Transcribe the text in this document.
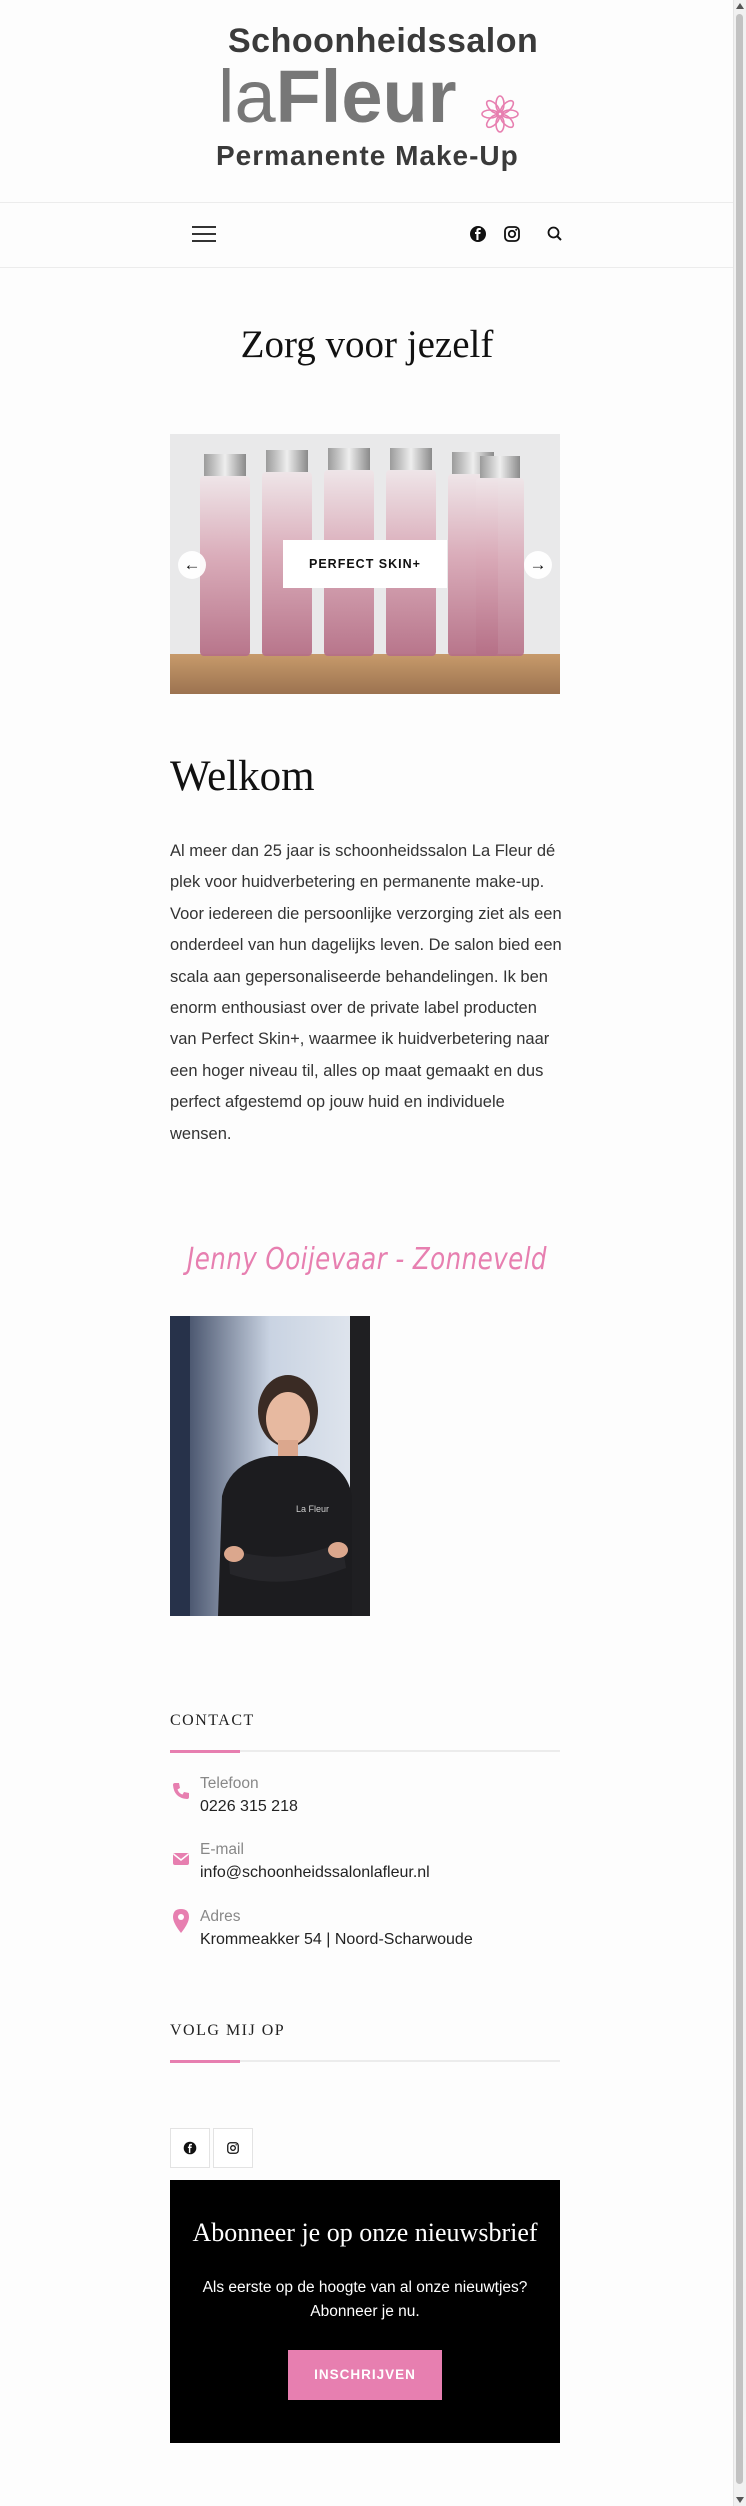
Schoonheidssalon
laFleur
Permanente Make-Up
Zorg voor jezelf
←	PERFECT SKIN+	→
Welkom

Al meer dan 25 jaar is schoonheidssalon La Fleur dé plek voor huidverbetering en permanente make-up. Voor iedereen die persoonlijke verzorging ziet als een onderdeel van hun dagelijks leven. De salon bied een scala aan gepersonaliseerde behandelingen. Ik ben enorm enthousiast over de private label producten van Perfect Skin+, waarmee ik huidverbetering naar een hoger niveau til, alles op maat gemaakt en dus perfect afgestemd op jouw huid en individuele wensen.

Jenny Ooijevaar - Zonneveld
La Fleur
CONTACT
Telefoon
0226 315 218
E-mail
info@schoonheidssalonlafleur.nl
Adres
Krommeakker 54 | Noord-Scharwoude
VOLG MIJ OP
Abonneer je op onze nieuwsbrief

Als eerste op de hoogte van al onze nieuwtjes? Abonneer je nu.

INSCHRIJVEN
